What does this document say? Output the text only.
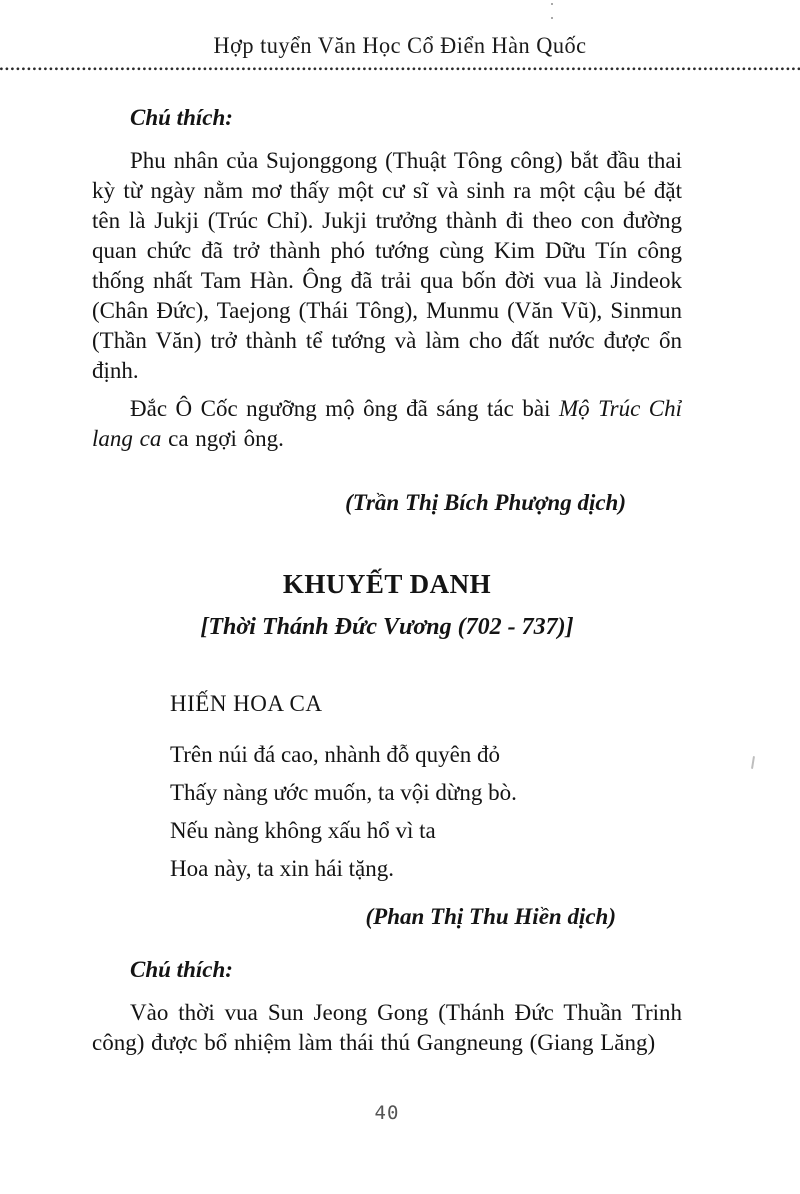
Hợp tuyển Văn Học Cổ Điển Hàn Quốc
Chú thích:

Phu nhân của Sujonggong (Thuật Tông công) bắt đầu thai kỳ từ ngày nằm mơ thấy một cư sĩ và sinh ra một cậu bé đặt tên là Jukji (Trúc Chỉ). Jukji trưởng thành đi theo con đường quan chức đã trở thành phó tướng cùng Kim Dữu Tín công thống nhất Tam Hàn. Ông đã trải qua bốn đời vua là Jindeok (Chân Đức), Taejong (Thái Tông), Munmu (Văn Vũ), Sinmun (Thần Văn) trở thành tể tướng và làm cho đất nước được ổn định.

Đắc Ô Cốc ngưỡng mộ ông đã sáng tác bài Mộ Trúc Chỉ lang ca ca ngợi ông.

(Trần Thị Bích Phượng dịch)
KHUYẾT DANH
[Thời Thánh Đức Vương (702 - 737)]
HIẾN HOA CA
Trên núi đá cao, nhành đỗ quyên đỏ
Thấy nàng ước muốn, ta vội dừng bò.
Nếu nàng không xấu hổ vì ta
Hoa này, ta xin hái tặng.
(Phan Thị Thu Hiền dịch)
Chú thích:

Vào thời vua Sun Jeong Gong (Thánh Đức Thuần Trinh công) được bổ nhiệm làm thái thú Gangneung (Giang Lăng)

40
